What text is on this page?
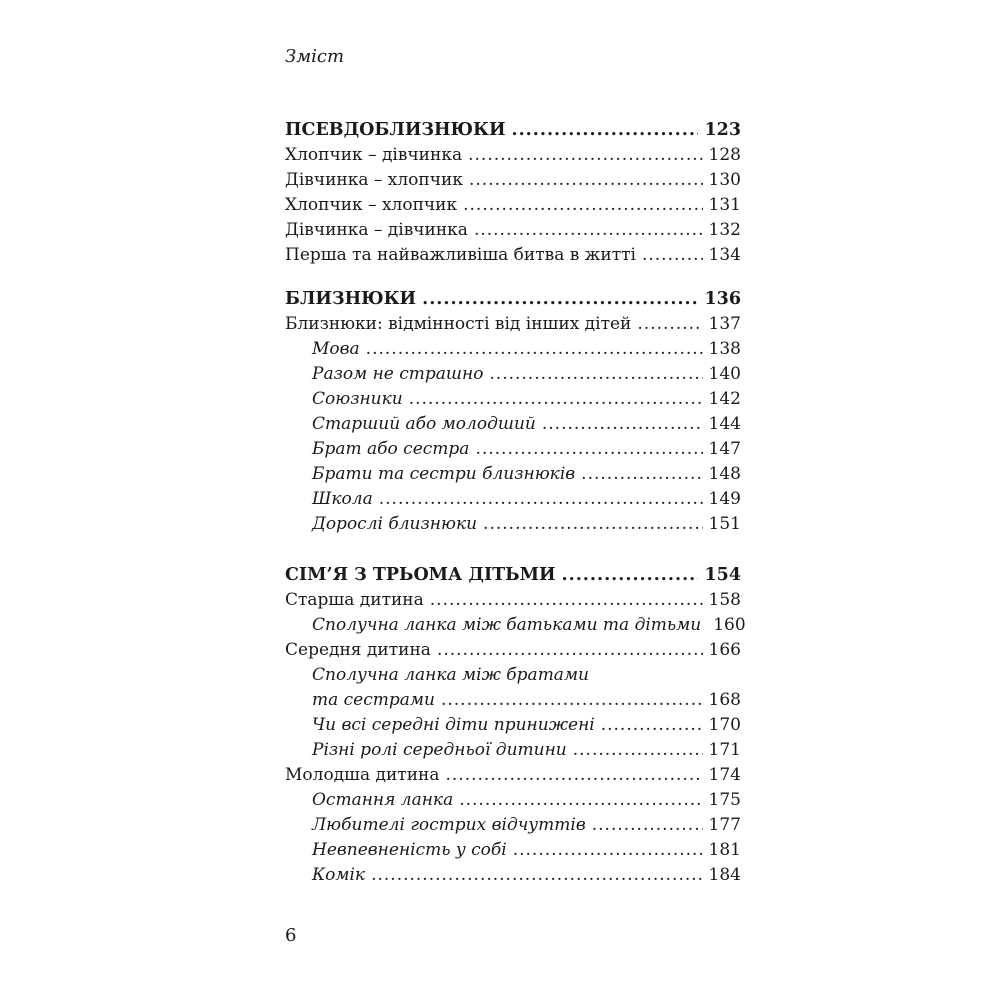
Зміст
ПСЕВДОБЛИЗНЮКИ .....	123
Хлопчик – дівчинка .....	128
Дівчинка – хлопчик .....	130
Хлопчик – хлопчик .....	131
Дівчинка – дівчинка .....	132
Перша та найважливіша битва в житті .....	134
БЛИЗНЮКИ .....	136
Близнюки: відмінності від інших дітей .....	137
Мова .....	138
Разом не страшно .....	140
Союзники .....	142
Старший або молодший .....	144
Брат або сестра .....	147
Брати та сестри близнюків .....	148
Школа .....	149
Дорослі близнюки .....	151
СІМ’Я З ТРЬОМА ДІТЬМИ .....	154
Старша дитина .....	158
Сполучна ланка між батьками та дітьми 160
Середня дитина .....	166
Сполучна ланка між братами
та сестрами .....	168
Чи всі середні діти принижені .....	170
Різні ролі середньої дитини .....	171
Молодша дитина .....	174
Остання ланка .....	175
Любителі гострих відчуттів .....	177
Невпевненість у собі .....	181
Комік .....	184
6
